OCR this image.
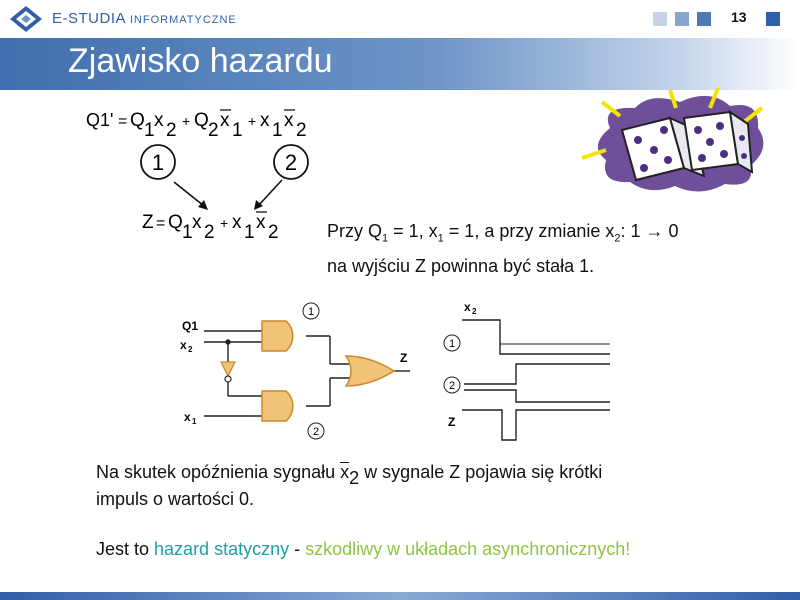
E-STUDIA INFORMATYCZNE	13
Zjawisko hazardu
Q1' = Q 1 x 2 + Q 2 x 1 + x 1 x 2
1	2
Z = Q 1 x 2 + x 1 x 2	Przy $Q_1 = 1$, $x_1 = 1$, a przy zmianie $x_2$: 1 → 0
na wyjściu Z powinna być stała 1.
1
2
Q1
x 2
x 1
Z
x 2
1
2
Z
Na skutek opóźnienia sygnału x2 w sygnale Z pojawia się krótki
impuls o wartości 0.
Jest to hazard statyczny - szkodliwy w układach asynchronicznych!
